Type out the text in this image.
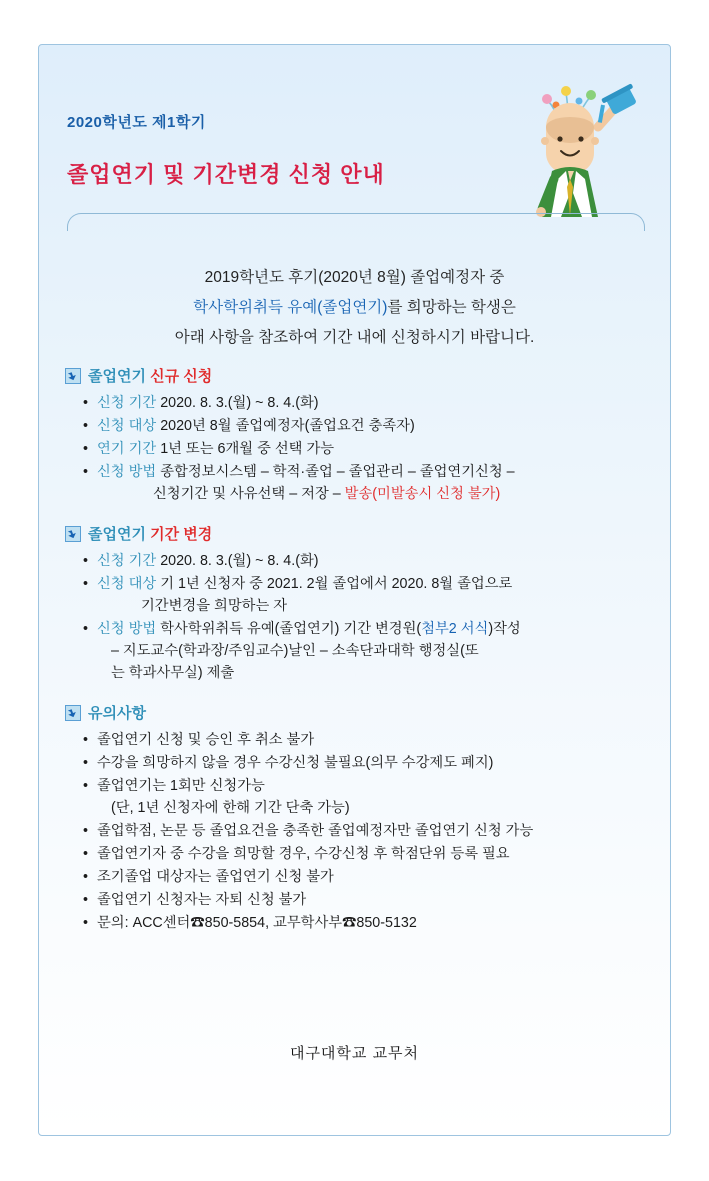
2020학년도 제1학기
졸업연기 및 기간변경 신청 안내
2019학년도 후기(2020년 8월) 졸업예정자 중
학사학위취득 유예(졸업연기)를 희망하는 학생은
아래 사항을 참조하여 기간 내에 신청하시기 바랍니다.
졸업연기 신규 신청
• 신청 기간 2020. 8. 3.(월) ~ 8. 4.(화)
• 신청 대상 2020년 8월 졸업예정자(졸업요건 충족자)
• 연기 기간 1년 또는 6개월 중 선택 가능
• 신청 방법 종합정보시스템 – 학적·졸업 – 졸업관리 – 졸업연기신청 –
신청기간 및 사유선택 – 저장 – 발송(미발송시 신청 불가)
졸업연기 기간 변경
• 신청 기간 2020. 8. 3.(월) ~ 8. 4.(화)
• 신청 대상 기 1년 신청자 중 2021. 2월 졸업에서 2020. 8월 졸업으로
기간변경을 희망하는 자
• 신청 방법 학사학위취득 유예(졸업연기) 기간 변경원(첨부2 서식)작성
– 지도교수(학과장/주임교수)날인 – 소속단과대학 행정실(또
는 학과사무실) 제출
유의사항
• 졸업연기 신청 및 승인 후 취소 불가
• 수강을 희망하지 않을 경우 수강신청 불필요(의무 수강제도 폐지)
• 졸업연기는 1회만 신청가능
(단, 1년 신청자에 한해 기간 단축 가능)
• 졸업학점, 논문 등 졸업요건을 충족한 졸업예정자만 졸업연기 신청 가능
• 졸업연기자 중 수강을 희망할 경우, 수강신청 후 학점단위 등록 필요
• 조기졸업 대상자는 졸업연기 신청 불가
• 졸업연기 신청자는 자퇴 신청 불가
• 문의: ACC센터☎850-5854, 교무학사부☎850-5132
대구대학교 교무처
